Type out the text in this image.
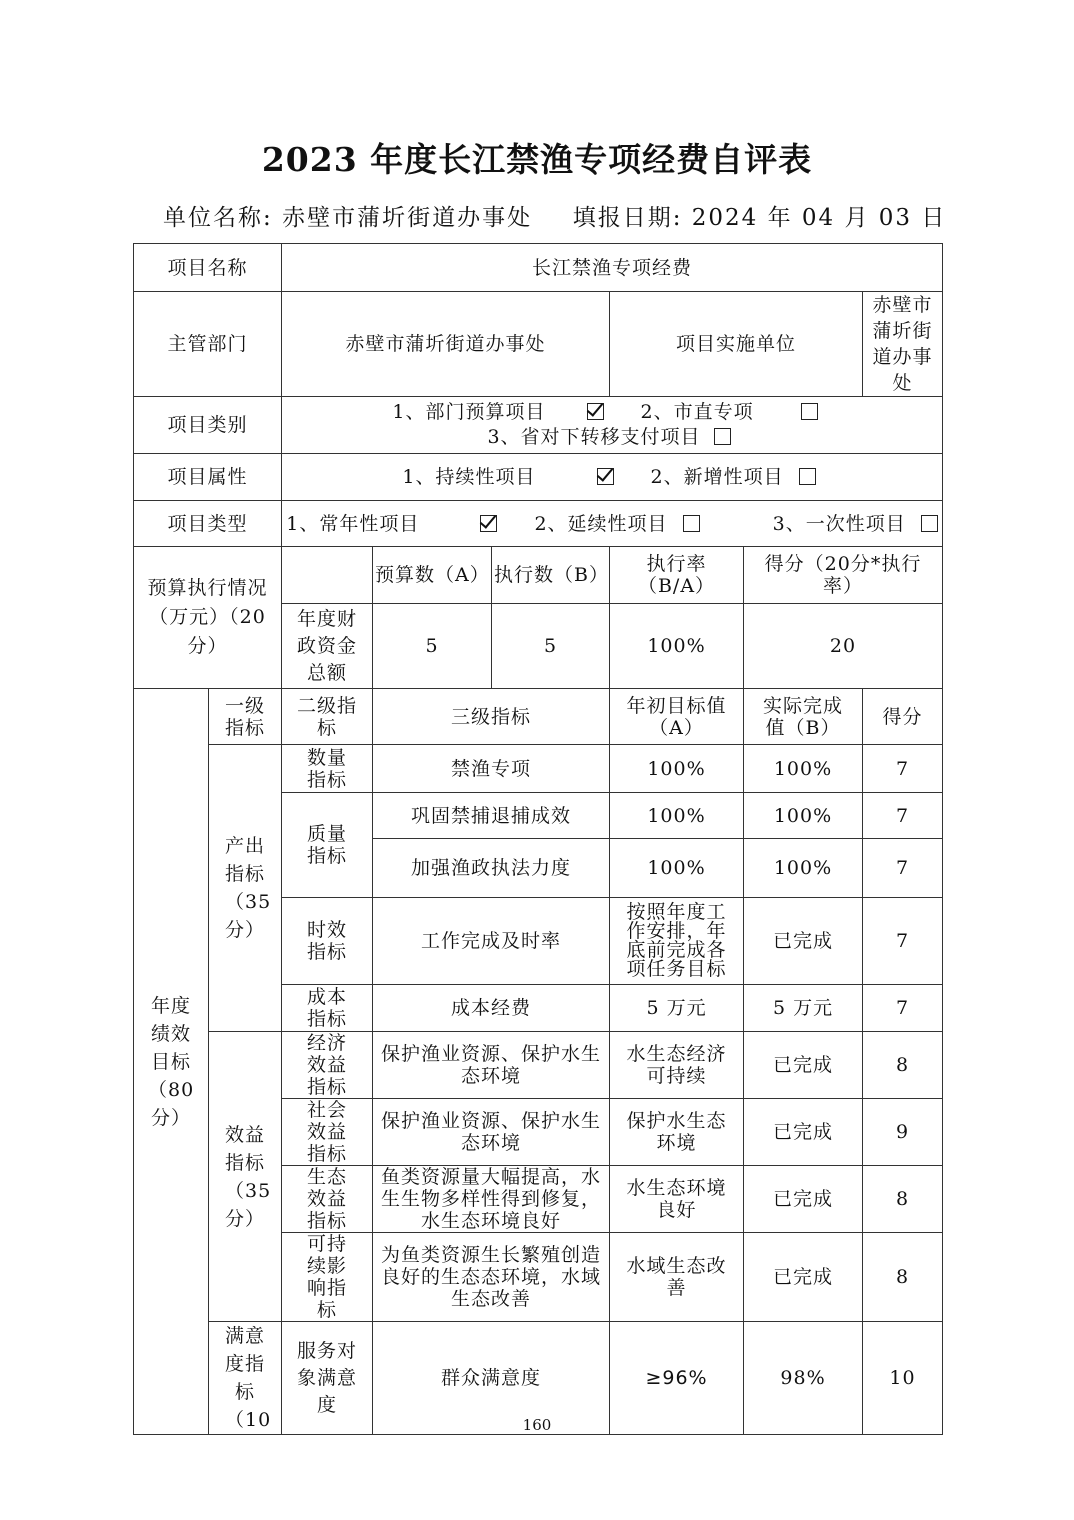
2023 年度长江禁渔专项经费自评表
单位名称: 赤壁市蒲圻街道办事处 填报日期: 2024 年 04 月 03 日
项目名称		长江禁渔专项经费					
主管部门		赤壁市蒲圻街道办事处			项目实施单位		赤壁市蒲圻街道办事处
项目类别		1、部门预算项目 2、市直专项  3、省对下转移支付项目					
项目属性		1、持续性项目 2、新增性项目					
项目类型		1、常年性项目 2、延续性项目 3、一次性项目					
预算执行情况（万元）（20分）			预算数（A）	执行数（B）	执行率（B/A）	得分（20分*执行率）	
		年度财政资金总额	5	5	100%	20	
年度绩效目标（80分）	一级指标	二级指标	三级指标		年初目标值（A）	实际完成值（B）	得分
	产出指标（35分）	数量指标	禁渔专项		100%	100%	7
		质量指标	巩固禁捕退捕成效		100%	100%	7
			加强渔政执法力度		100%	100%	7
		时效指标	工作完成及时率		按照年度工作安排，年底前完成各项任务目标	已完成	7
		成本指标	成本经费		5 万元	5 万元	7
	效益指标（35分）	经济效益指标	保护渔业资源、保护水生态环境		水生态经济可持续	已完成	8
		社会效益指标	保护渔业资源、保护水生态环境		保护水生态环境	已完成	9
		生态效益指标	鱼类资源量大幅提高，水生生物多样性得到修复，水生态环境良好		水生态环境良好	已完成	8
		可持续影响指标	为鱼类资源生长繁殖创造良好的生态态环境，水域生态改善		水域生态改善	已完成	8
	满意度指标（10	服务对象满意度	群众满意度		≥96%	98%	10
160
